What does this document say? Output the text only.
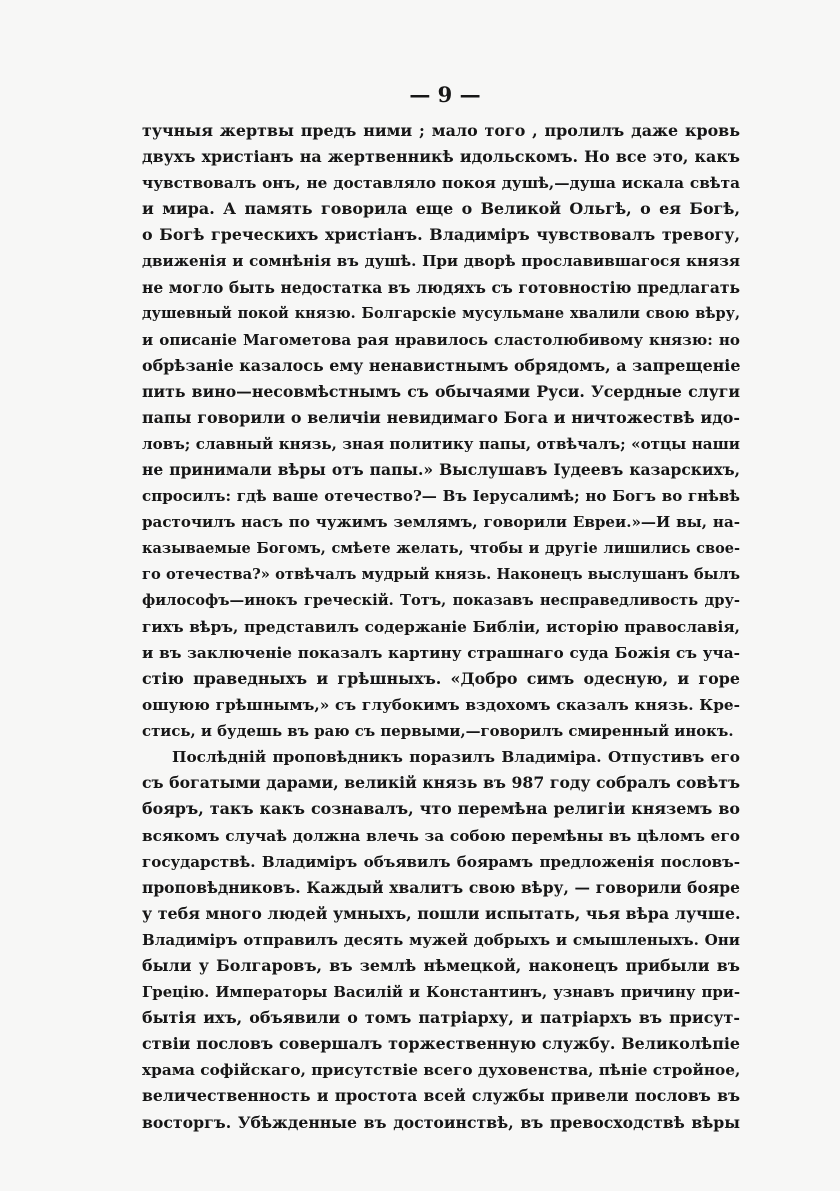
— 9 —
тучныя жертвы предъ ними ; мало того , пролилъ даже кровь
двухъ христіанъ на жертвенникѣ идольскомъ. Но все это, какъ
чувствовалъ онъ, не доставляло покоя душѣ,—душа искала свѣта
и мира. А память говорила еще о Великой Ольгѣ, о ея Богѣ,
о Богѣ греческихъ христіанъ. Владиміръ чувствовалъ тревогу,
движенія и сомнѣнія въ душѣ. При дворѣ прославившагося князя
не могло быть недостатка въ людяхъ съ готовностію предлагать
душевный покой князю. Болгарскіе мусульмане хвалили свою вѣру,
и описаніе Магометова рая нравилось сластолюбивому князю: но
обрѣзаніе казалось ему ненавистнымъ обрядомъ, а запрещеніе
пить вино—несовмѣстнымъ съ обычаями Руси. Усердные слуги
папы говорили о величіи невидимаго Бога и ничтожествѣ идо-
ловъ; славный князь, зная политику папы, отвѣчалъ; «отцы наши
не принимали вѣры отъ папы.» Выслушавъ Іудеевъ казарскихъ,
спросилъ: гдѣ ваше отечество?— Въ Іерусалимѣ; но Богъ во гнѣвѣ
расточилъ насъ по чужимъ землямъ, говорили Евреи.»—И вы, на-
казываемые Богомъ, смѣете желать, чтобы и другіе лишились свое-
го отечества?» отвѣчалъ мудрый князь. Наконецъ выслушанъ былъ
философъ—инокъ греческій. Тотъ, показавъ несправедливость дру-
гихъ вѣръ, представилъ содержаніе Библіи, исторію православія,
и въ заключеніе показалъ картину страшнаго суда Божія съ уча-
стію праведныхъ и грѣшныхъ. «Добро симъ одесную, и горе
ошуюю грѣшнымъ,» съ глубокимъ вздохомъ сказалъ князь. Кре-
стись, и будешь въ раю съ первыми,—говорилъ смиренный инокъ.
Послѣдній проповѣдникъ поразилъ Владиміра. Отпустивъ его
съ богатыми дарами, великій князь въ 987 году собралъ совѣтъ
бояръ, такъ какъ сознавалъ, что перемѣна религіи княземъ во
всякомъ случаѣ должна влечь за собою перемѣны въ цѣломъ его
государствѣ. Владиміръ объявилъ боярамъ предложенія пословъ-
проповѣдниковъ. Каждый хвалитъ свою вѣру, — говорили бояре
у тебя много людей умныхъ, пошли испытать, чья вѣра лучше.
Владиміръ отправилъ десять мужей добрыхъ и смышленыхъ. Они
были у Болгаровъ, въ землѣ нѣмецкой, наконецъ прибыли въ
Грецію. Императоры Василій и Константинъ, узнавъ причину при-
бытія ихъ, объявили о томъ патріарху, и патріархъ въ присут-
ствіи пословъ совершалъ торжественную службу. Великолѣпіе
храма софійскаго, присутствіе всего духовенства, пѣніе стройное,
величественность и простота всей службы привели пословъ въ
восторгъ. Убѣжденные въ достоинствѣ, въ превосходствѣ вѣры
